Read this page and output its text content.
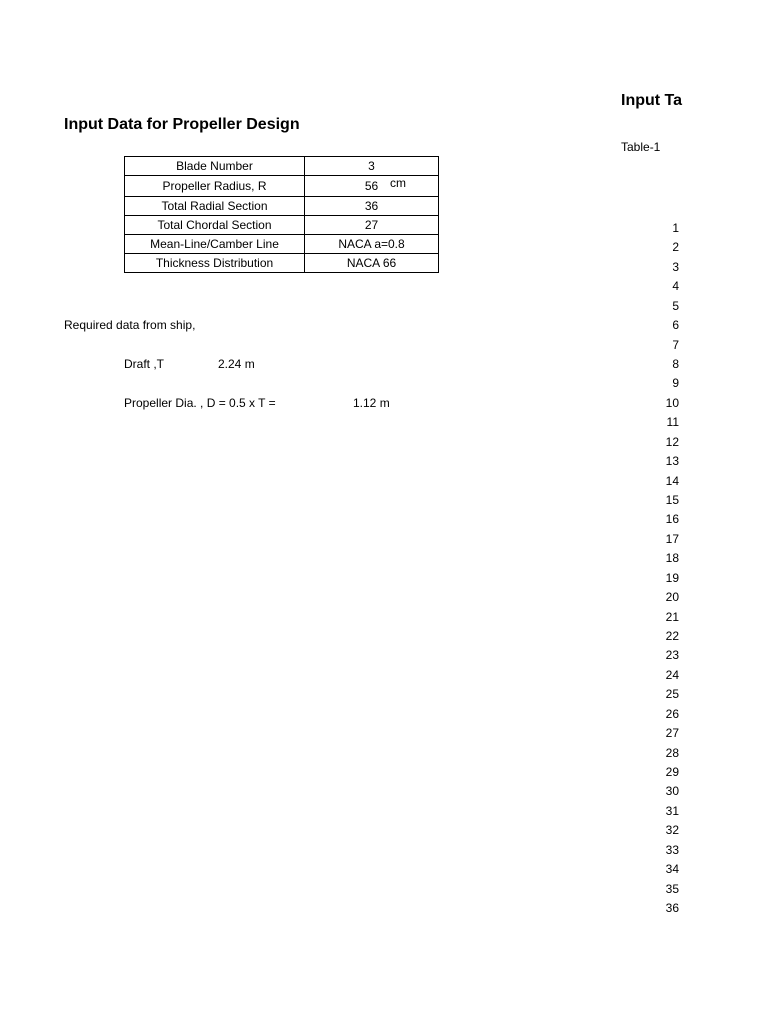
Input Ta
Input Data for Propeller Design
Table-1
Blade Number	3
Propeller Radius, R	56 cm

Total Radial Section	36
Total Chordal Section	27
Mean-Line/Camber Line	NACA a=0.8
Thickness Distribution	NACA 66
Required data from ship,
Draft ,T	2.24 m
Propeller Dia. , D = 0.5 x T =	1.12 m
1
2
3
4
5
6
7
8
9
10
11
12
13
14
15
16
17
18
19
20
21
22
23
24
25
26
27
28
29
30
31
32
33
34
35
36
